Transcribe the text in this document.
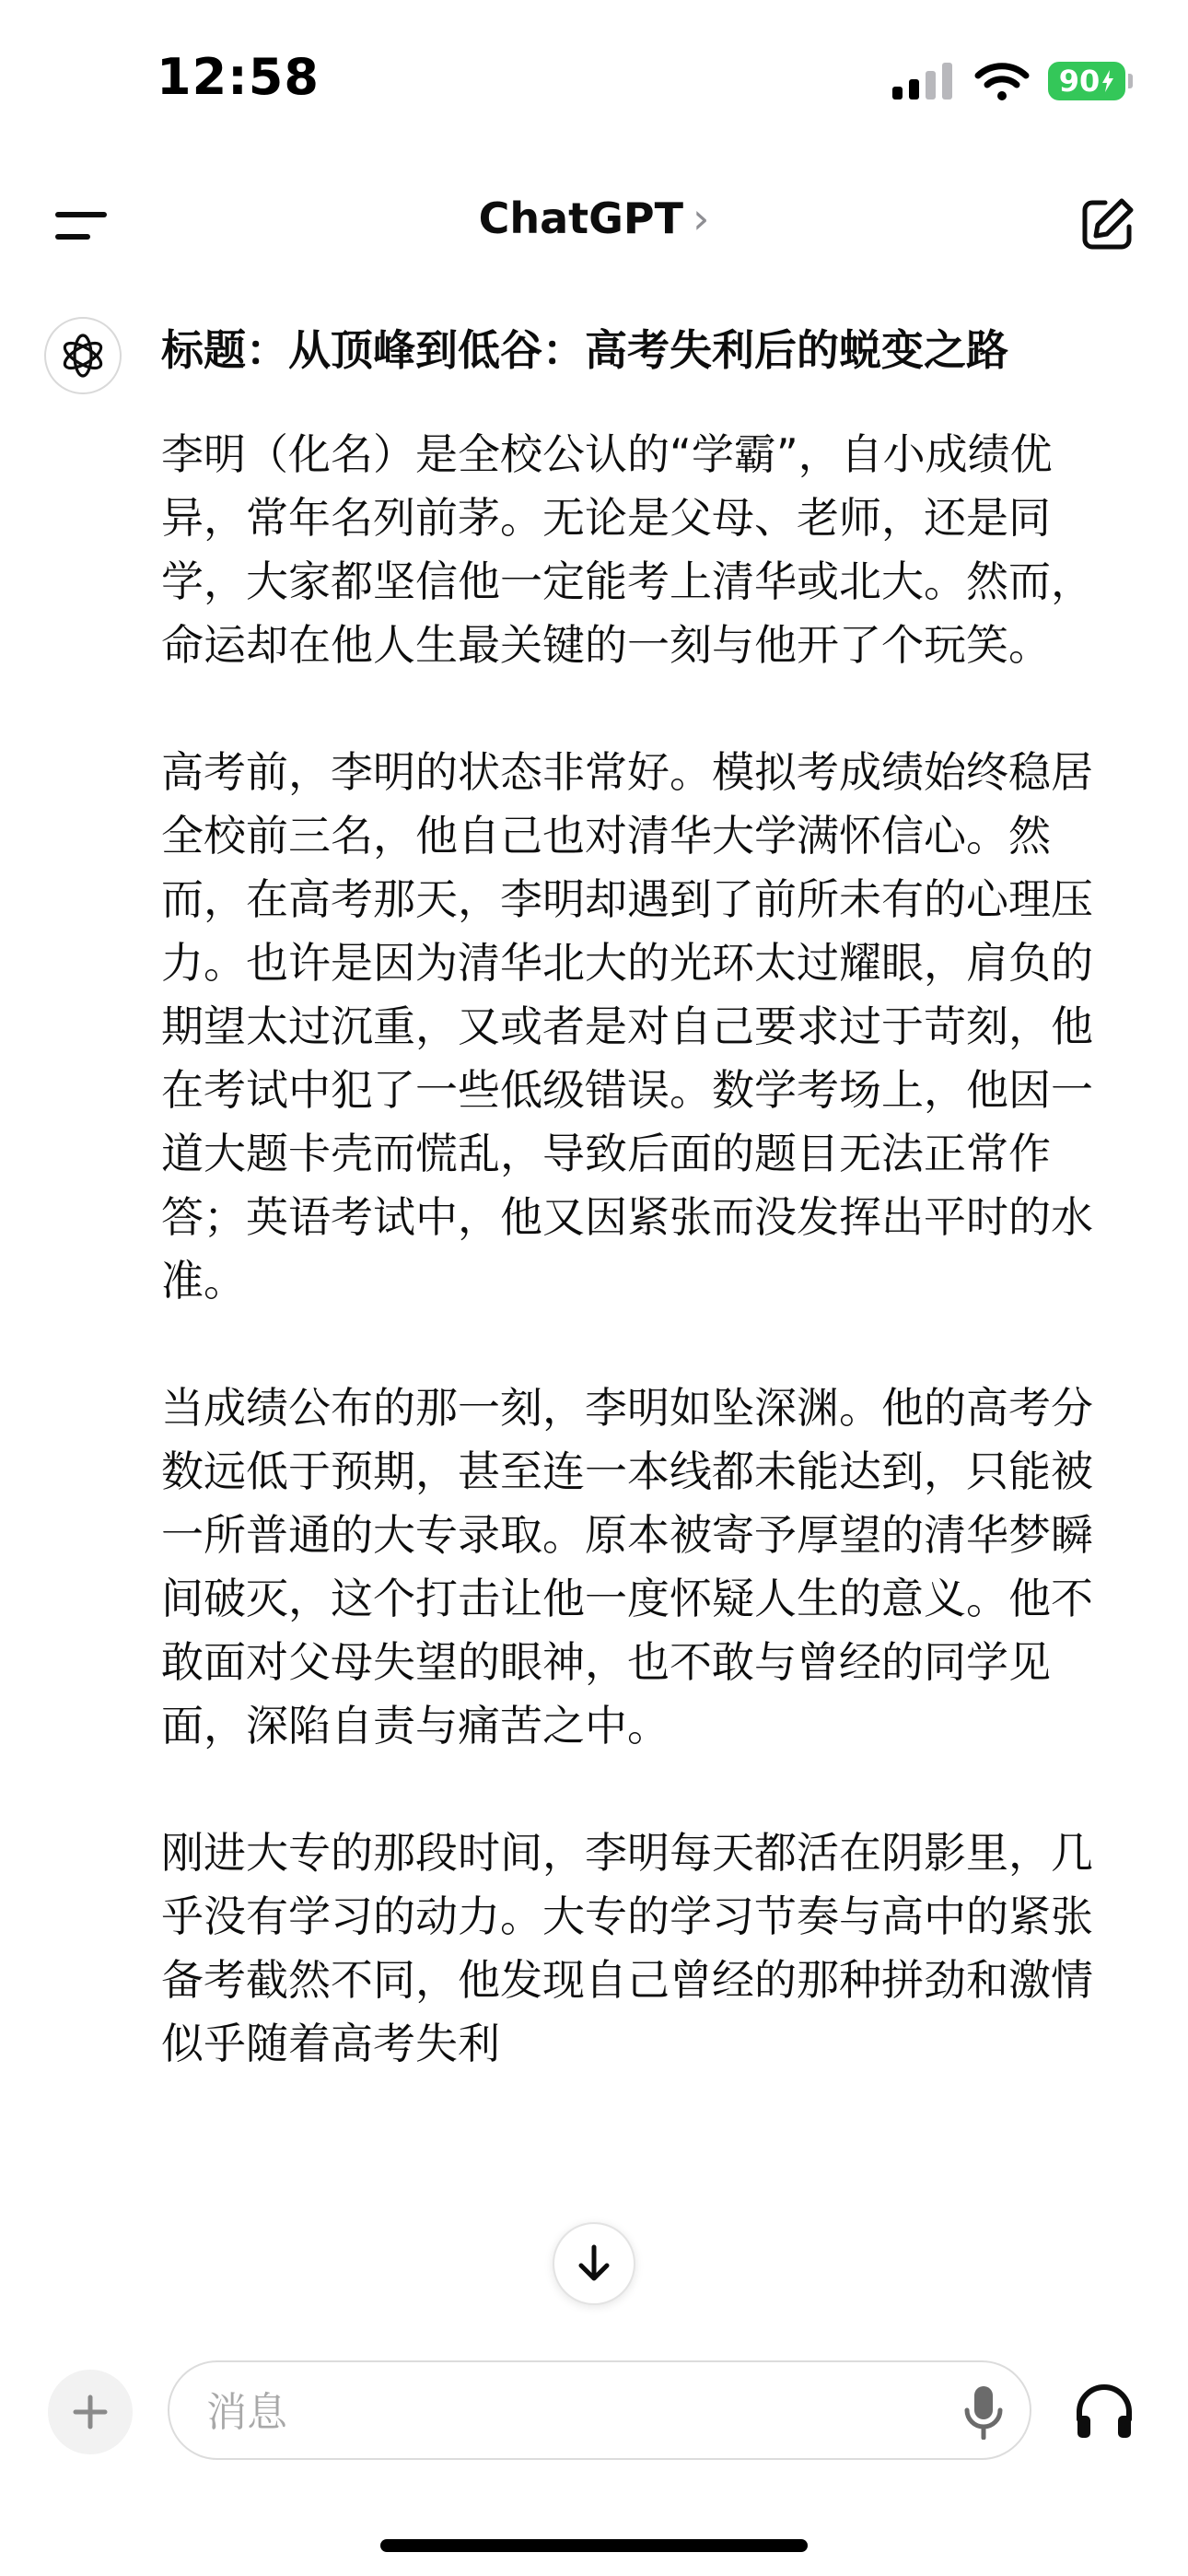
12:58	90
ChatGPT ›
标题：从顶峰到低谷：高考失利后的蜕变之路

李明（化名）是全校公认的“学霸”，自小成绩优异，常年名列前茅。无论是父母、老师，还是同学，大家都坚信他一定能考上清华或北大。然而，命运却在他人生最关键的一刻与他开了个玩笑。

高考前，李明的状态非常好。模拟考成绩始终稳居全校前三名，他自己也对清华大学满怀信心。然而，在高考那天，李明却遇到了前所未有的心理压力。也许是因为清华北大的光环太过耀眼，肩负的期望太过沉重，又或者是对自己要求过于苛刻，他在考试中犯了一些低级错误。数学考场上，他因一道大题卡壳而慌乱，导致后面的题目无法正常作答；英语考试中，他又因紧张而没发挥出平时的水准。

当成绩公布的那一刻，李明如坠深渊。他的高考分数远低于预期，甚至连一本线都未能达到，只能被一所普通的大专录取。原本被寄予厚望的清华梦瞬间破灭，这个打击让他一度怀疑人生的意义。他不敢面对父母失望的眼神，也不敢与曾经的同学见面，深陷自责与痛苦之中。

刚进大专的那段时间，李明每天都活在阴影里，几乎没有学习的动力。大专的学习节奏与高中的紧张备考截然不同，他发现自己曾经的那种拼劲和激情似乎随着高考失利

消息
